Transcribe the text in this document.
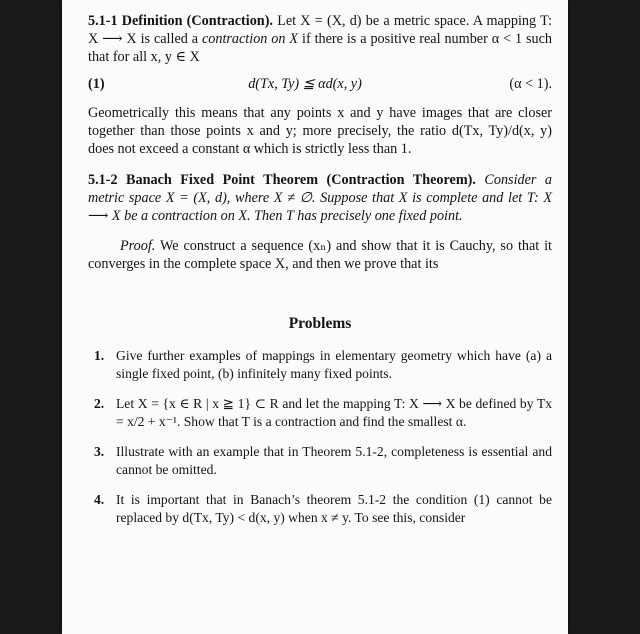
5.1-1 Definition (Contraction). Let X = (X, d) be a metric space. A mapping T: X ⟶ X is called a contraction on X if there is a positive real number α < 1 such that for all x, y ∈ X

(1)	d(Tx, Ty) ≦ αd(x, y)	(α < 1).

Geometrically this means that any points x and y have images that are closer together than those points x and y; more precisely, the ratio d(Tx, Ty)/d(x, y) does not exceed a constant α which is strictly less than 1.

5.1-2 Banach Fixed Point Theorem (Contraction Theorem). Consider a metric space X = (X, d), where X ≠ ∅. Suppose that X is complete and let T: X ⟶ X be a contraction on X. Then T has precisely one fixed point.

Proof. We construct a sequence (xₙ) and show that it is Cauchy, so that it converges in the complete space X, and then we prove that its

Problems
1. Give further examples of mappings in elementary geometry which have (a) a single fixed point, (b) infinitely many fixed points.
2. Let X = {x ∈ R | x ≧ 1} ⊂ R and let the mapping T: X ⟶ X be defined by Tx = x/2 + x⁻¹. Show that T is a contraction and find the smallest α.
3. Illustrate with an example that in Theorem 5.1-2, completeness is essential and cannot be omitted.
4. It is important that in Banach’s theorem 5.1-2 the condition (1) cannot be replaced by d(Tx, Ty) < d(x, y) when x ≠ y. To see this, consider
